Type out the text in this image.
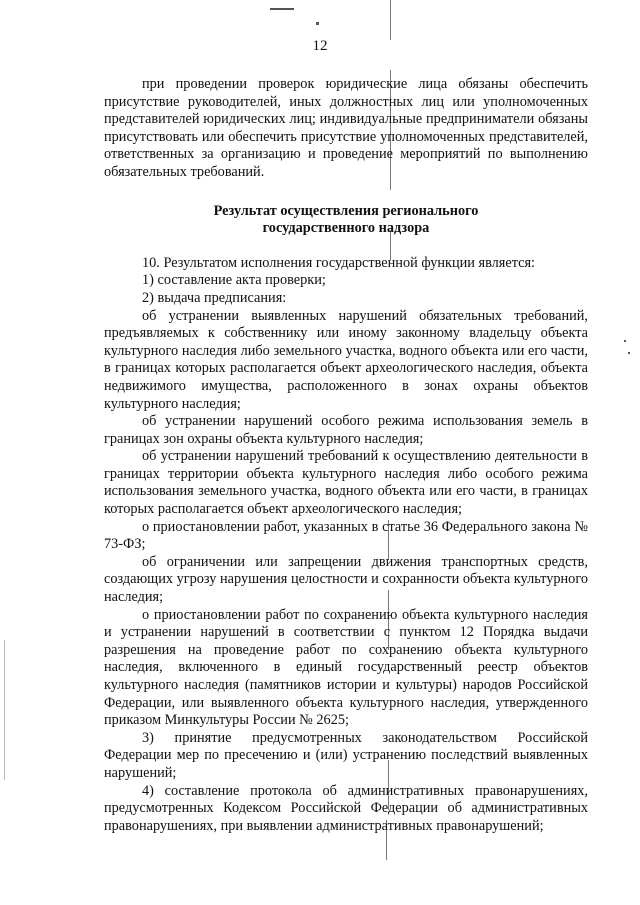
12

при проведении проверок юридические лица обязаны обеспечить присутствие руководителей, иных должностных лиц или уполномоченных представителей юридических лиц; индивидуальные предприниматели обязаны присутствовать или обеспечить присутствие уполномоченных представителей, ответственных за организацию и проведение мероприятий по выполнению обязательных требований.

Результат осуществления регионального
государственного надзора

10. Результатом исполнения государственной функции является:

1) составление акта проверки;

2) выдача предписания:

об устранении выявленных нарушений обязательных требований, предъявляемых к собственнику или иному законному владельцу объекта культурного наследия либо земельного участка, водного объекта или его части, в границах которых располагается объект археологического наследия, объекта недвижимого имущества, расположенного в зонах охраны объектов культурного наследия;

об устранении нарушений особого режима использования земель в границах зон охраны объекта культурного наследия;

об устранении нарушений требований к осуществлению деятельности в границах территории объекта культурного наследия либо особого режима использования земельного участка, водного объекта или его части, в границах которых располагается объект археологического наследия;

о приостановлении работ, указанных в статье 36 Федерального закона № 73-ФЗ;

об ограничении или запрещении движения транспортных средств, создающих угрозу нарушения целостности и сохранности объекта культурного наследия;

о приостановлении работ по сохранению объекта культурного наследия и устранении нарушений в соответствии с пунктом 12 Порядка выдачи разрешения на проведение работ по сохранению объекта культурного наследия, включенного в единый государственный реестр объектов культурного наследия (памятников истории и культуры) народов Российской Федерации, или выявленного объекта культурного наследия, утвержденного приказом Минкультуры России № 2625;

3) принятие предусмотренных законодательством Российской Федерации мер по пресечению и (или) устранению последствий выявленных нарушений;

4) составление протокола об административных правонарушениях, предусмотренных Кодексом Российской Федерации об административных правонарушениях, при выявлении административных правонарушений;
